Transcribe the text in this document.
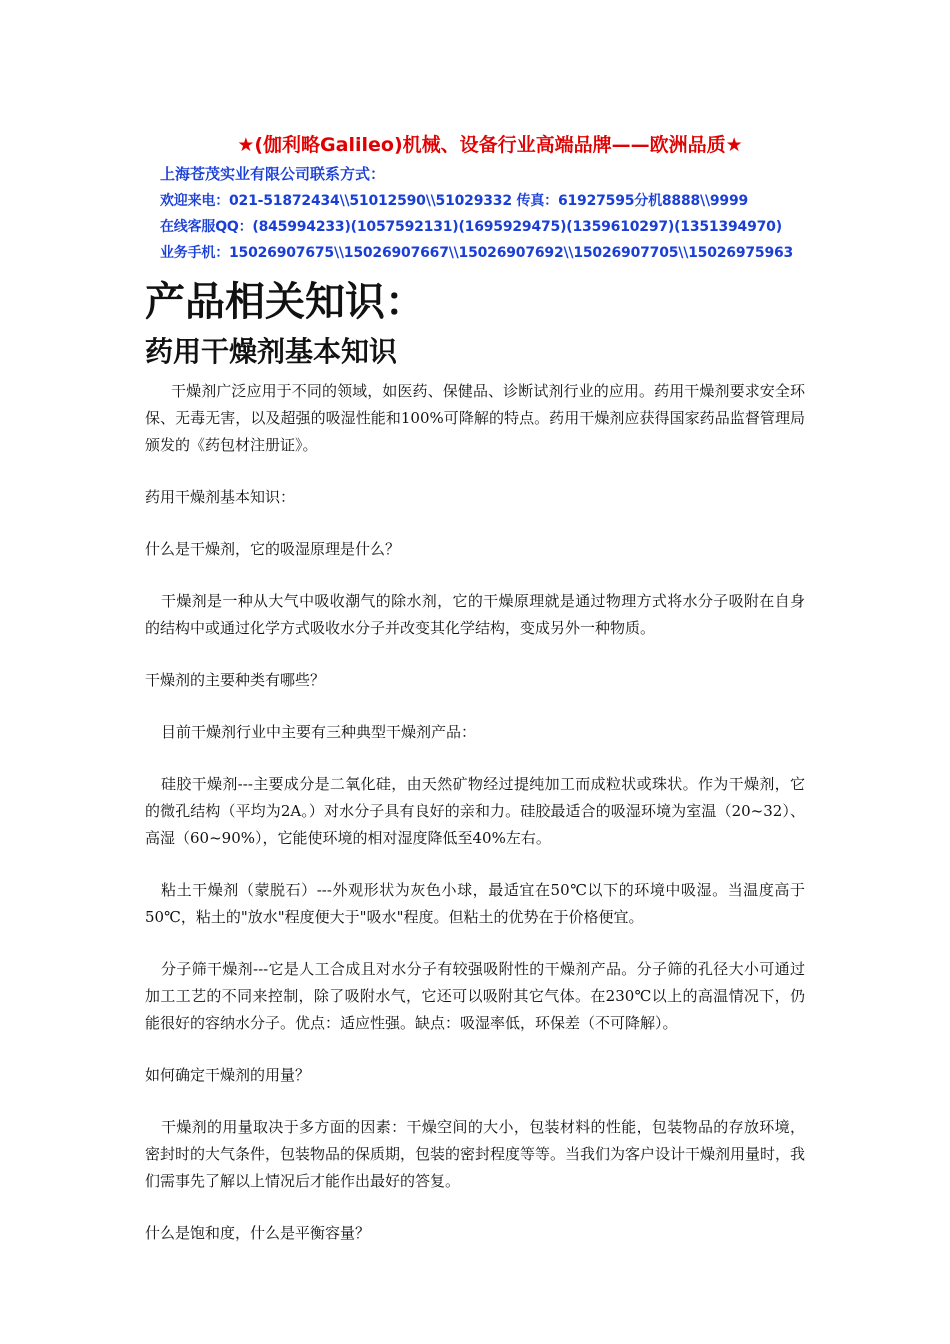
★(伽利略Galileo)机械、设备行业高端品牌——欧洲品质★
上海苍茂实业有限公司联系方式：
欢迎来电：021-51872434\\51012590\\51029332 传真：61927595分机8888\\9999
在线客服QQ：(845994233)(1057592131)(1695929475)(1359610297)(1351394970)
业务手机：15026907675\\15026907667\\15026907692\\15026907705\\15026975963
产品相关知识：
药用干燥剂基本知识

干燥剂广泛应用于不同的领域，如医药、保健品、诊断试剂行业的应用。药用干燥剂要求安全环保、无毒无害，以及超强的吸湿性能和100%可降解的特点。药用干燥剂应获得国家药品监督管理局颁发的《药包材注册证》。

药用干燥剂基本知识：

什么是干燥剂，它的吸湿原理是什么？

干燥剂是一种从大气中吸收潮气的除水剂，它的干燥原理就是通过物理方式将水分子吸附在自身的结构中或通过化学方式吸收水分子并改变其化学结构，变成另外一种物质。

干燥剂的主要种类有哪些？

目前干燥剂行业中主要有三种典型干燥剂产品：

硅胶干燥剂---主要成分是二氧化硅，由天然矿物经过提纯加工而成粒状或珠状。作为干燥剂，它的微孔结构（平均为2A。）对水分子具有良好的亲和力。硅胶最适合的吸湿环境为室温（20~32）、高湿（60~90%），它能使环境的相对湿度降低至40%左右。

粘土干燥剂（蒙脱石）---外观形状为灰色小球，最适宜在50℃以下的环境中吸湿。当温度高于50℃，粘土的"放水"程度便大于"吸水"程度。但粘土的优势在于价格便宜。

分子筛干燥剂---它是人工合成且对水分子有较强吸附性的干燥剂产品。分子筛的孔径大小可通过加工工艺的不同来控制，除了吸附水气，它还可以吸附其它气体。在230℃以上的高温情况下，仍能很好的容纳水分子。优点：适应性强。缺点：吸湿率低，环保差（不可降解）。

如何确定干燥剂的用量？

干燥剂的用量取决于多方面的因素：干燥空间的大小，包装材料的性能，包装物品的存放环境，密封时的大气条件，包装物品的保质期，包装的密封程度等等。当我们为客户设计干燥剂用量时，我们需事先了解以上情况后才能作出最好的答复。

什么是饱和度，什么是平衡容量？
